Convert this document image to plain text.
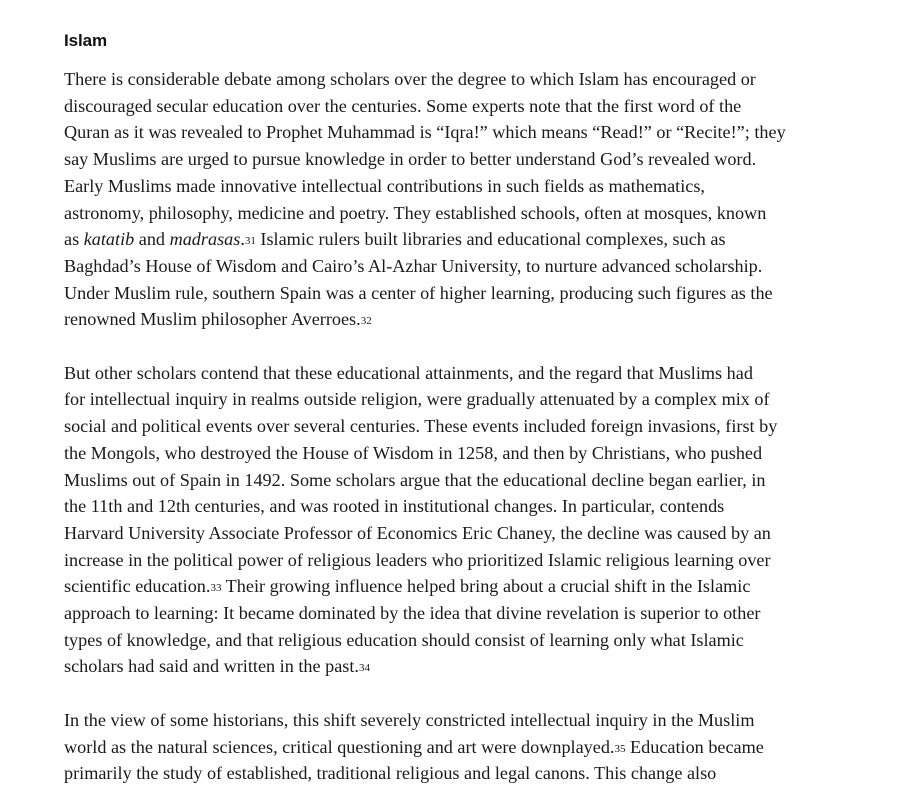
Islam

There is considerable debate among scholars over the degree to which Islam has encouraged or
discouraged secular education over the centuries. Some experts note that the first word of the
Quran as it was revealed to Prophet Muhammad is “Iqra!” which means “Read!” or “Recite!”; they
say Muslims are urged to pursue knowledge in order to better understand God’s revealed word.
Early Muslims made innovative intellectual contributions in such fields as mathematics,
astronomy, philosophy, medicine and poetry. They established schools, often at mosques, known
as katatib and madrasas.$^{31}$ Islamic rulers built libraries and educational complexes, such as
Baghdad’s House of Wisdom and Cairo’s Al-Azhar University, to nurture advanced scholarship.
Under Muslim rule, southern Spain was a center of higher learning, producing such figures as the
renowned Muslim philosopher Averroes.$^{32}$

But other scholars contend that these educational attainments, and the regard that Muslims had
for intellectual inquiry in realms outside religion, were gradually attenuated by a complex mix of
social and political events over several centuries. These events included foreign invasions, first by
the Mongols, who destroyed the House of Wisdom in 1258, and then by Christians, who pushed
Muslims out of Spain in 1492. Some scholars argue that the educational decline began earlier, in
the 11th and 12th centuries, and was rooted in institutional changes. In particular, contends
Harvard University Associate Professor of Economics Eric Chaney, the decline was caused by an
increase in the political power of religious leaders who prioritized Islamic religious learning over
scientific education.$^{33}$ Their growing influence helped bring about a crucial shift in the Islamic
approach to learning: It became dominated by the idea that divine revelation is superior to other
types of knowledge, and that religious education should consist of learning only what Islamic
scholars had said and written in the past.$^{34}$

In the view of some historians, this shift severely constricted intellectual inquiry in the Muslim
world as the natural sciences, critical questioning and art were downplayed.$^{35}$ Education became
primarily the study of established, traditional religious and legal canons. This change also
